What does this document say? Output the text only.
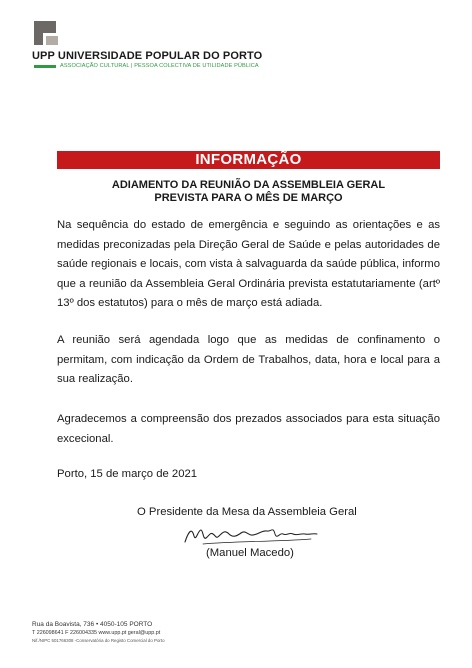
UPP UNIVERSIDADE POPULAR DO PORTO
ASSOCIAÇÃO CULTURAL | PESSOA COLECTIVA DE UTILIDADE PÚBLICA
INFORMAÇÃO
ADIAMENTO DA REUNIÃO DA ASSEMBLEIA GERAL
PREVISTA PARA O MÊS DE MARÇO

Na sequência do estado de emergência e seguindo as orientações e as medidas preconizadas pela Direção Geral de Saúde e pelas autoridades de saúde regionais e locais, com vista à salvaguarda da saúde pública, informo que a reunião da Assembleia Geral Ordinária prevista estatutariamente (artº 13º dos estatutos) para o mês de março está adiada.

A reunião será agendada logo que as medidas de confinamento o permitam, com indicação da Ordem de Trabalhos, data, hora e local para a sua realização.

Agradecemos a compreensão dos prezados associados para esta situação excecional.

Porto, 15 de março de 2021
O Presidente da Mesa da Assembleia Geral
(Manuel Macedo)
Rua da Boavista, 736 • 4050-105 PORTO
T 226098641 F 226004335 www.upp.pt geral@upp.pt
Nif./NIPC 501766308 -Conservatória do Registo Comercial do Porto
